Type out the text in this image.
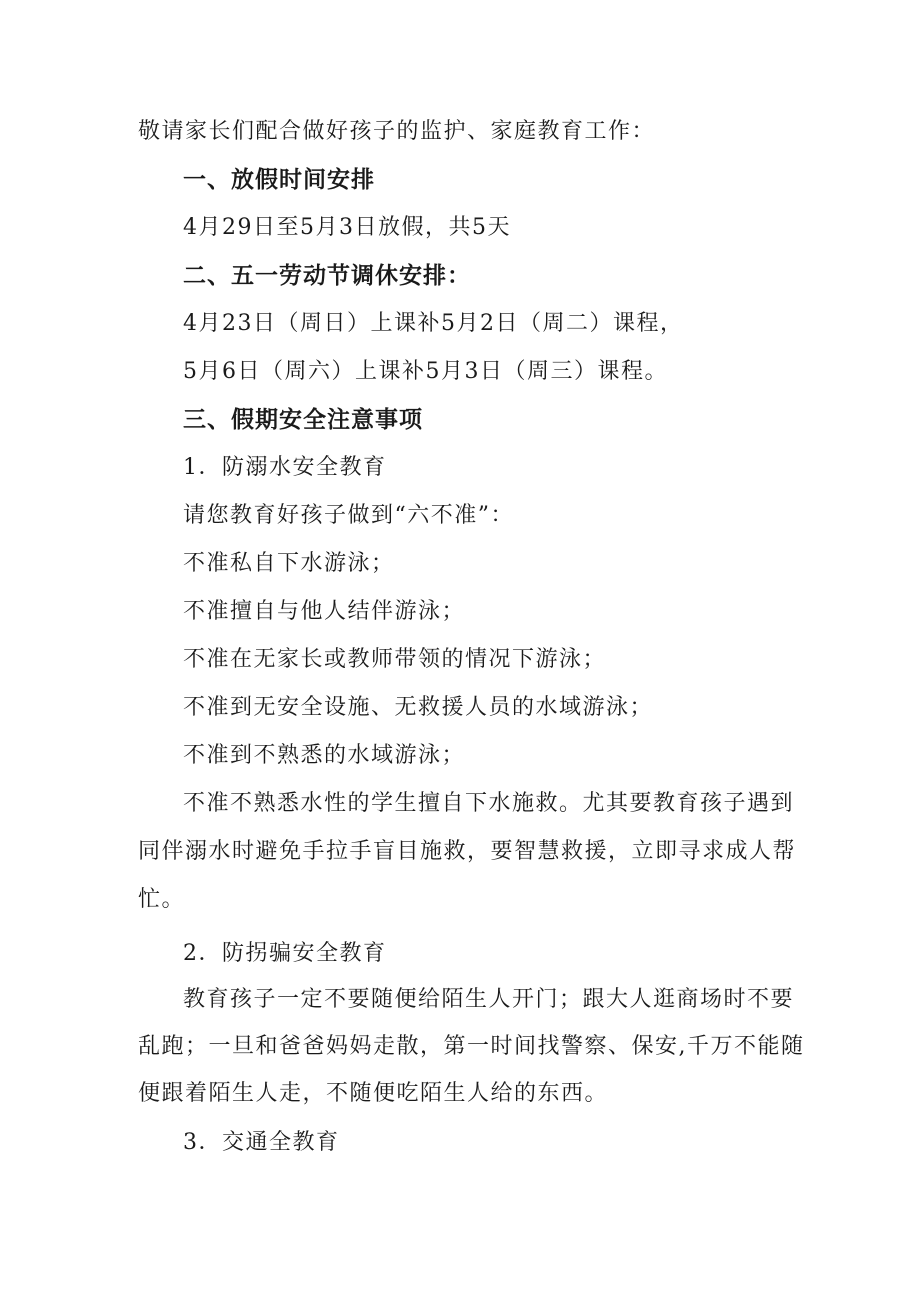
敬请家长们配合做好孩子的监护、家庭教育工作：
一、放假时间安排
4月29日至5月3日放假，共5天
二、五一劳动节调休安排：
4月23日（周日）上课补5月2日（周二）课程，
5月6日（周六）上课补5月3日（周三）课程。
三、假期安全注意事项
1．防溺水安全教育
请您教育好孩子做到“六不准”：
不准私自下水游泳；
不准擅自与他人结伴游泳；
不准在无家长或教师带领的情况下游泳；
不准到无安全设施、无救援人员的水域游泳；
不准到不熟悉的水域游泳；
不准不熟悉水性的学生擅自下水施救。尤其要教育孩子遇到
同伴溺水时避免手拉手盲目施救，要智慧救援，立即寻求成人帮
忙。
2．防拐骗安全教育
教育孩子一定不要随便给陌生人开门；跟大人逛商场时不要
乱跑；一旦和爸爸妈妈走散，第一时间找警察、保安,千万不能随
便跟着陌生人走，不随便吃陌生人给的东西。
3．交通全教育
